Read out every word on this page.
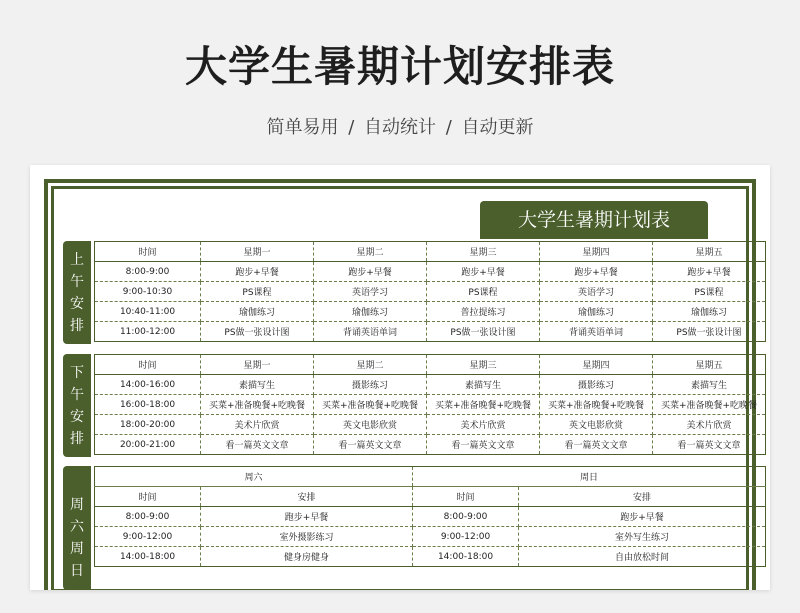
大学生暑期计划安排表
简单易用 / 自动统计 / 自动更新
大学生暑期计划表
上
午
安
排
时间	星期一	星期二	星期三	星期四	星期五
8:00-9:00	跑步+早餐	跑步+早餐	跑步+早餐	跑步+早餐	跑步+早餐
9:00-10:30	PS课程	英语学习	PS课程	英语学习	PS课程
10:40-11:00	瑜伽练习	瑜伽练习	普拉提练习	瑜伽练习	瑜伽练习
11:00-12:00	PS做一张设计图	背诵英语单词	PS做一张设计图	背诵英语单词	PS做一张设计图
下
午
安
排
时间	星期一	星期二	星期三	星期四	星期五
14:00-16:00	素描写生	摄影练习	素描写生	摄影练习	素描写生
16:00-18:00	买菜+准备晚餐+吃晚餐	买菜+准备晚餐+吃晚餐	买菜+准备晚餐+吃晚餐	买菜+准备晚餐+吃晚餐	买菜+准备晚餐+吃晚餐
18:00-20:00	美术片欣赏	英文电影欣赏	美术片欣赏	英文电影欣赏	美术片欣赏
20:00-21:00	看一篇英文文章	看一篇英文文章	看一篇英文文章	看一篇英文文章	看一篇英文文章
周
六
周
日
周六		周日	
时间	安排	时间	安排
8:00-9:00	跑步+早餐	8:00-9:00	跑步+早餐
9:00-12:00	室外摄影练习	9:00-12:00	室外写生练习
14:00-18:00	健身房健身	14:00-18:00	自由放松时间
